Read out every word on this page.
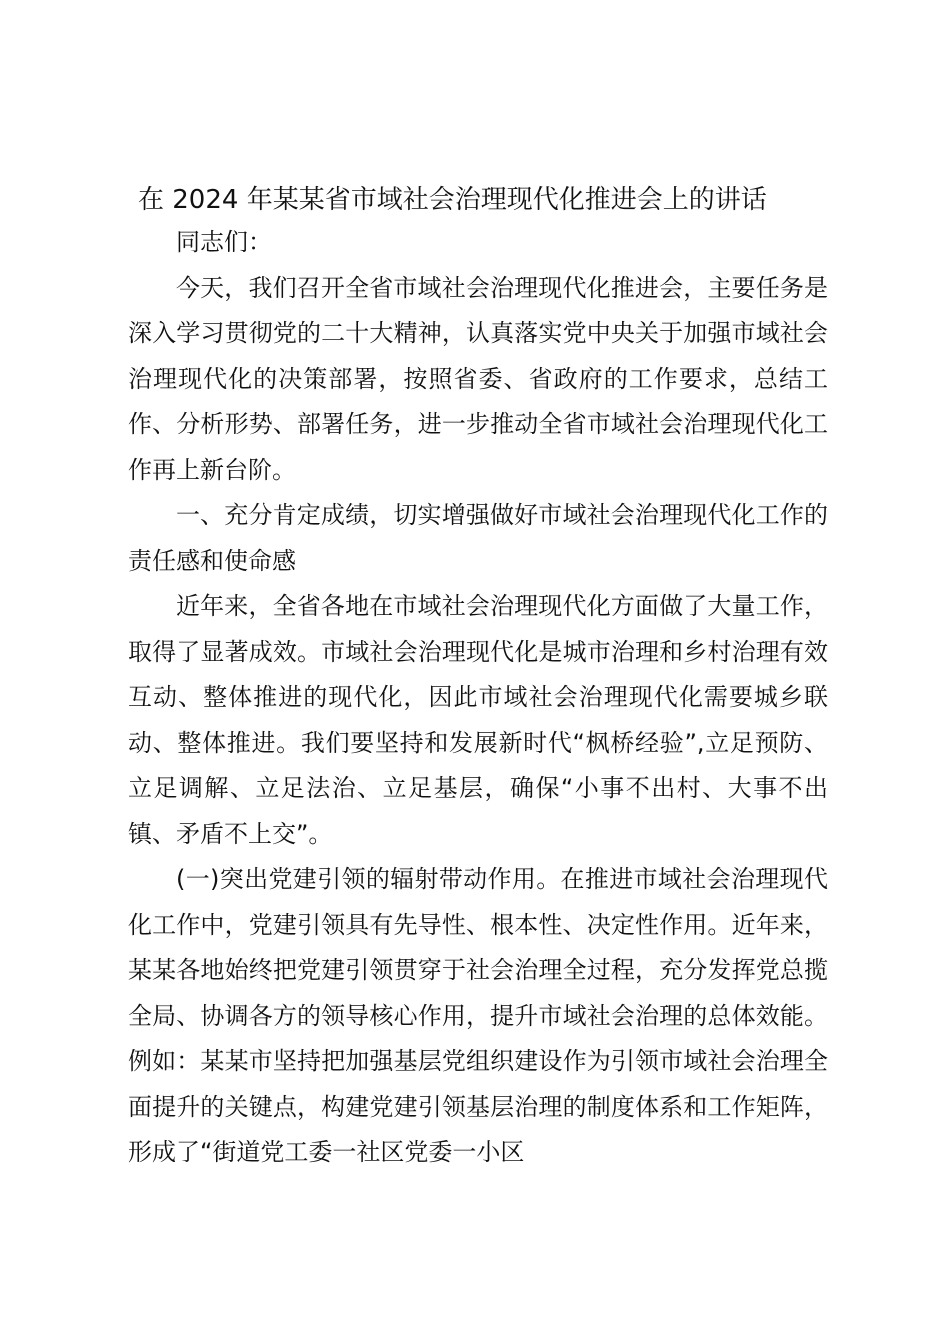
在 2024 年某某省市域社会治理现代化推进会上的讲话

同志们：

今天，我们召开全省市域社会治理现代化推进会，主要任务是深入学习贯彻党的二十大精神，认真落实党中央关于加强市域社会治理现代化的决策部署，按照省委、省政府的工作要求，总结工作、分析形势、部署任务，进一步推动全省市域社会治理现代化工作再上新台阶。

一、充分肯定成绩，切实增强做好市域社会治理现代化工作的责任感和使命感

近年来，全省各地在市域社会治理现代化方面做了大量工作，取得了显著成效。市域社会治理现代化是城市治理和乡村治理有效互动、整体推进的现代化，因此市域社会治理现代化需要城乡联动、整体推进。我们要坚持和发展新时代“枫桥经验”,立足预防、立足调解、立足法治、立足基层，确保“小事不出村、大事不出镇、矛盾不上交”。

(一)突出党建引领的辐射带动作用。在推进市域社会治理现代化工作中，党建引领具有先导性、根本性、决定性作用。近年来，某某各地始终把党建引领贯穿于社会治理全过程，充分发挥党总揽全局、协调各方的领导核心作用，提升市域社会治理的总体效能。例如：某某市坚持把加强基层党组织建设作为引领市域社会治理全面提升的关键点，构建党建引领基层治理的制度体系和工作矩阵，形成了“街道党工委一社区党委一小区
